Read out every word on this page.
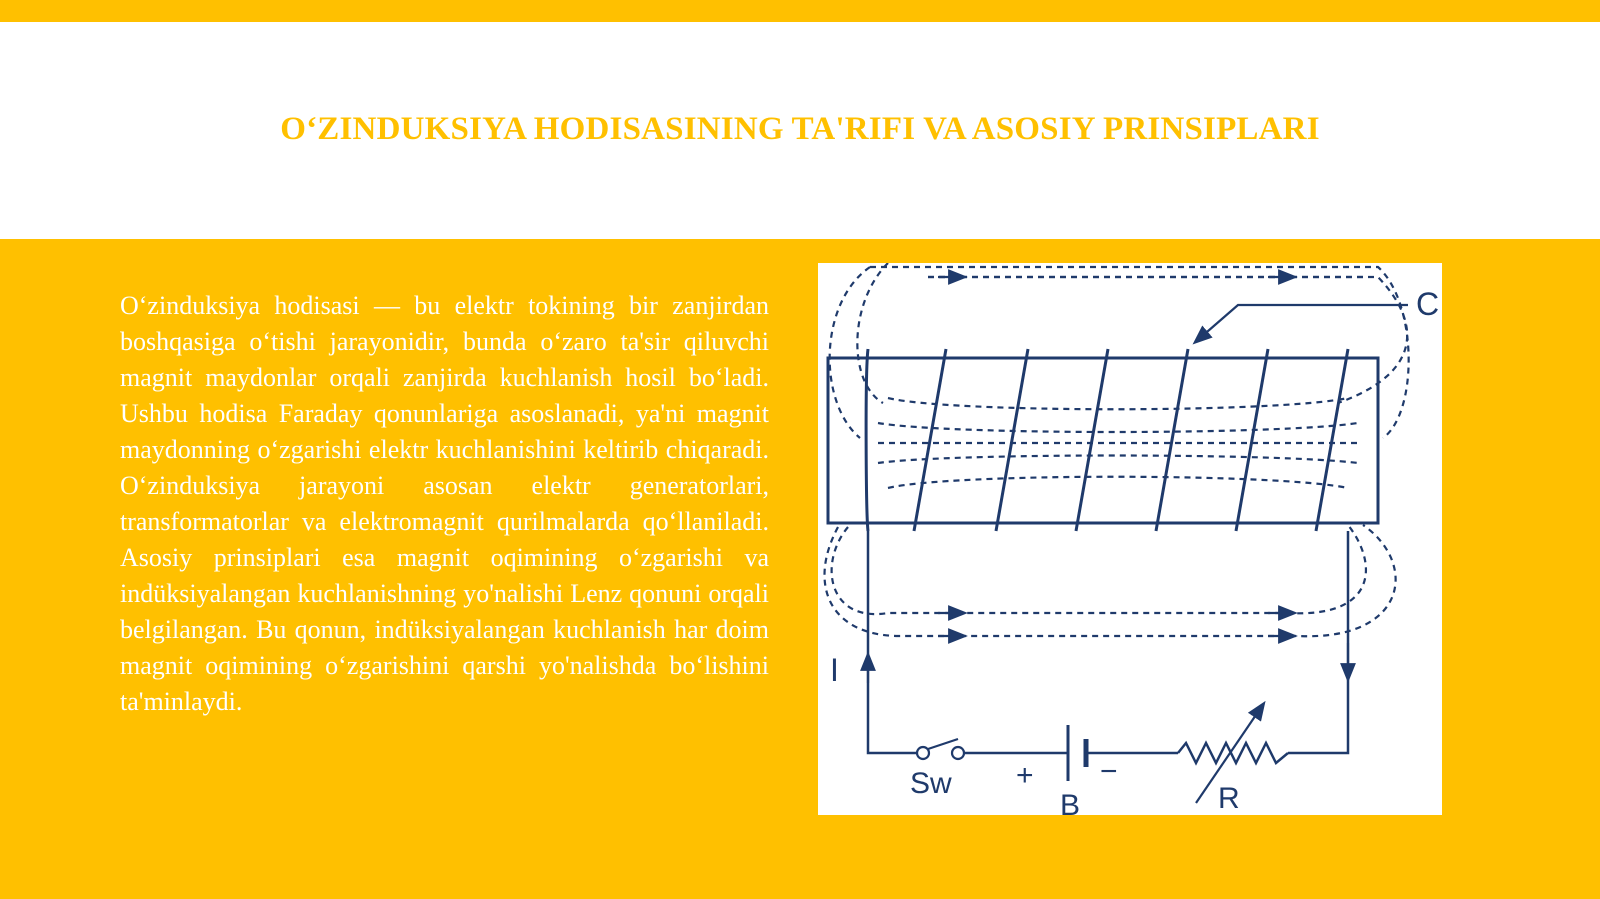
O‘ZINDUKSIYA HODISASINING TA'RIFI VA ASOSIY PRINSIPLARI

O‘zinduksiya hodisasi — bu elektr tokining bir zanjirdan boshqasiga o‘tishi jarayonidir, bunda o‘zaro ta'sir qiluvchi magnit maydonlar orqali zanjirda kuchlanish hosil bo‘ladi. Ushbu hodisa Faraday qonunlariga asoslanadi, ya'ni magnit maydonning o‘zgarishi elektr kuchlanishini keltirib chiqaradi. O‘zinduksiya jarayoni asosan elektr generatorlari, transformatorlar va elektromagnit qurilmalarda qo‘llaniladi. Asosiy prinsiplari esa magnit oqimining o‘zgarishi va indüksiyalangan kuchlanishning yo'nalishi Lenz qonuni orqali belgilangan. Bu qonun, indüksiyalangan kuchlanish har doim magnit oqimining o‘zgarishini qarshi yo'nalishda bo‘lishini ta'minlaydi.

C
I
Sw + −
B	R
